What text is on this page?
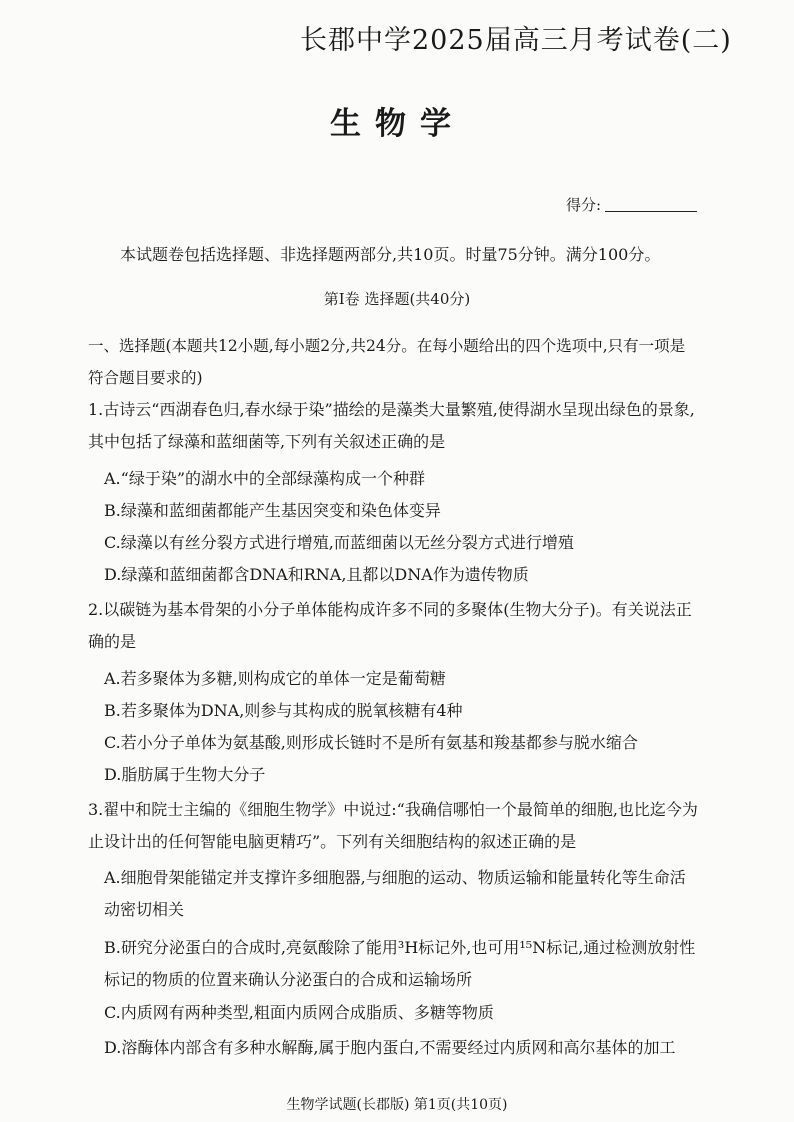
长郡中学2025届高三月考试卷(二)
生物学
得分:
本试题卷包括选择题、非选择题两部分,共10页。时量75分钟。满分100分。
第Ⅰ卷 选择题(共40分)
一、选择题(本题共12小题,每小题2分,共24分。在每小题给出的四个选项中,只有一项是符合题目要求的)
1.古诗云“西湖春色归,春水绿于染”描绘的是藻类大量繁殖,使得湖水呈现出绿色的景象,其中包括了绿藻和蓝细菌等,下列有关叙述正确的是
A.“绿于染”的湖水中的全部绿藻构成一个种群
B.绿藻和蓝细菌都能产生基因突变和染色体变异
C.绿藻以有丝分裂方式进行增殖,而蓝细菌以无丝分裂方式进行增殖
D.绿藻和蓝细菌都含DNA和RNA,且都以DNA作为遗传物质
2.以碳链为基本骨架的小分子单体能构成许多不同的多聚体(生物大分子)。有关说法正确的是
A.若多聚体为多糖,则构成它的单体一定是葡萄糖
B.若多聚体为DNA,则参与其构成的脱氧核糖有4种
C.若小分子单体为氨基酸,则形成长链时不是所有氨基和羧基都参与脱水缩合
D.脂肪属于生物大分子
3.翟中和院士主编的《细胞生物学》中说过:“我确信哪怕一个最简单的细胞,也比迄今为止设计出的任何智能电脑更精巧”。下列有关细胞结构的叙述正确的是
A.细胞骨架能锚定并支撑许多细胞器,与细胞的运动、物质运输和能量转化等生命活动密切相关
B.研究分泌蛋白的合成时,亮氨酸除了能用³H标记外,也可用¹⁵N标记,通过检测放射性标记的物质的位置来确认分泌蛋白的合成和运输场所
C.内质网有两种类型,粗面内质网合成脂质、多糖等物质
D.溶酶体内部含有多种水解酶,属于胞内蛋白,不需要经过内质网和高尔基体的加工
生物学试题(长郡版) 第1页(共10页)
